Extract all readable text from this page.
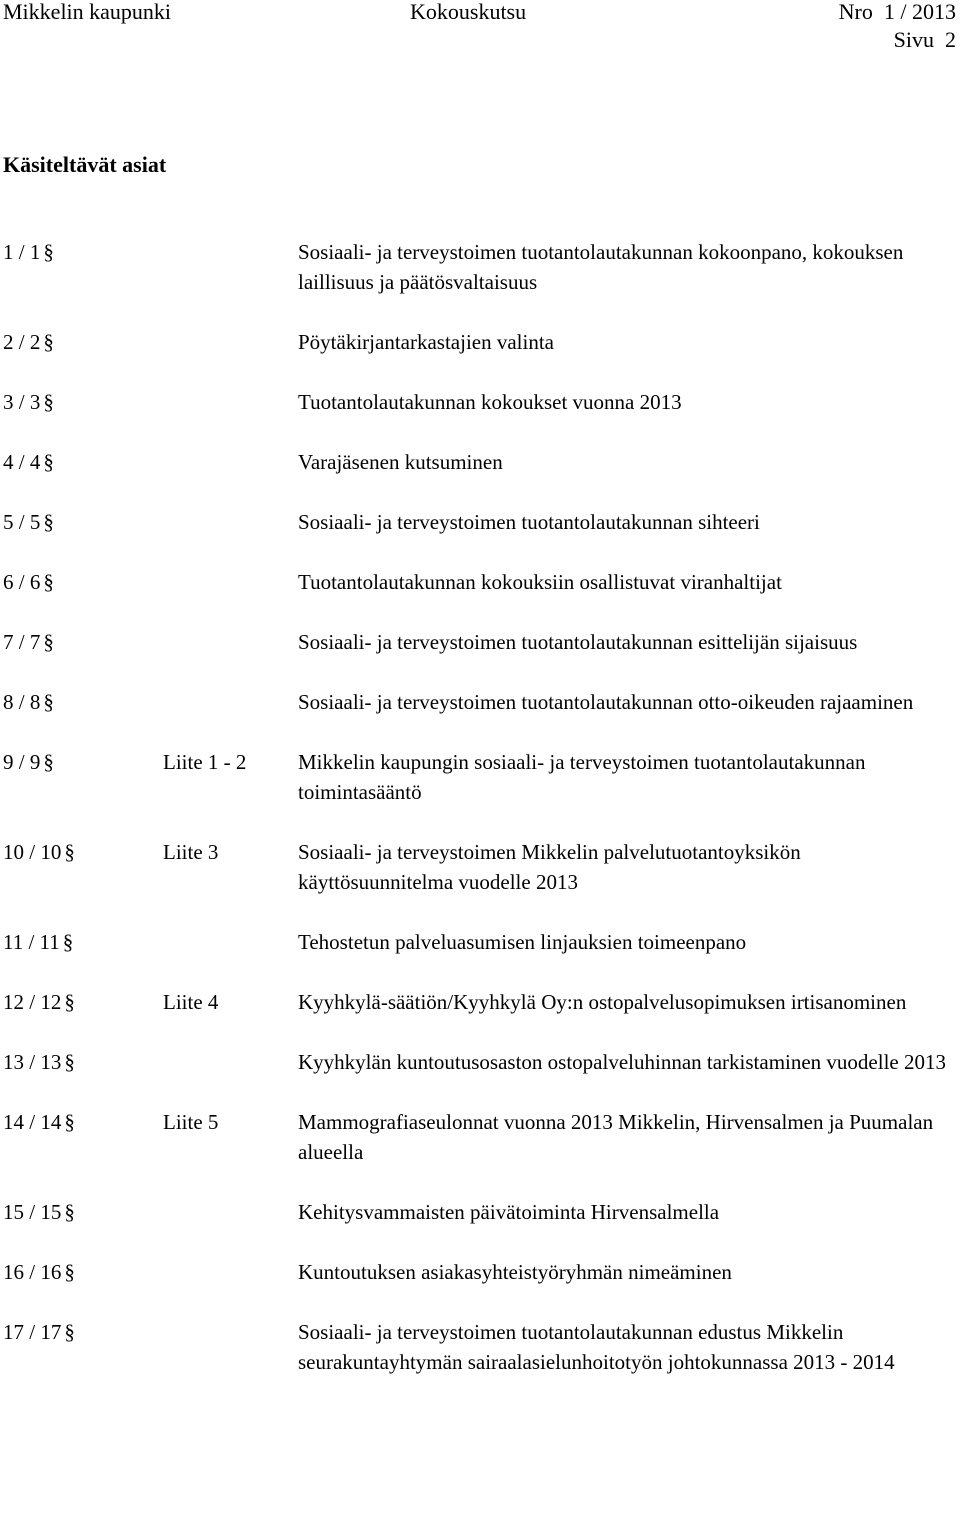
Mikkelin kaupunki	Kokouskutsu	Nro  1 / 2013
Sivu  2
Käsiteltävät asiat
1 / 1 §	Sosiaali- ja terveystoimen tuotantolautakunnan kokoonpano, kokouksen laillisuus ja päätösvaltaisuus
2 / 2 §	Pöytäkirjantarkastajien valinta
3 / 3 §	Tuotantolautakunnan kokoukset vuonna 2013
4 / 4 §	Varajäsenen kutsuminen
5 / 5 §	Sosiaali- ja terveystoimen tuotantolautakunnan sihteeri
6 / 6 §	Tuotantolautakunnan kokouksiin osallistuvat viranhaltijat
7 / 7 §	Sosiaali- ja terveystoimen tuotantolautakunnan esittelijän sijaisuus
8 / 8 §	Sosiaali- ja terveystoimen tuotantolautakunnan otto-oikeuden rajaaminen
9 / 9 §	Liite 1 - 2	Mikkelin kaupungin sosiaali- ja terveystoimen tuotantolautakunnan toimintasääntö
10 / 10 §	Liite 3	Sosiaali- ja terveystoimen Mikkelin palvelutuotantoyksikön käyttösuunnitelma vuodelle 2013
11 / 11 §	Tehostetun palveluasumisen linjauksien toimeenpano
12 / 12 §	Liite 4	Kyyhkylä-säätiön/Kyyhkylä Oy:n ostopalvelusopimuksen irtisanominen
13 / 13 §	Kyyhkylän kuntoutusosaston ostopalveluhinnan tarkistaminen vuodelle 2013
14 / 14 §	Liite 5	Mammografiaseulonnat vuonna 2013 Mikkelin, Hirvensalmen ja Puumalan alueella
15 / 15 §	Kehitysvammaisten päivätoiminta Hirvensalmella
16 / 16 §	Kuntoutuksen asiakasyhteistyöryhmän nimeäminen
17 / 17 §	Sosiaali- ja terveystoimen tuotantolautakunnan edustus Mikkelin seurakuntayhtymän sairaalasielunhoitotyön johtokunnassa 2013 - 2014
